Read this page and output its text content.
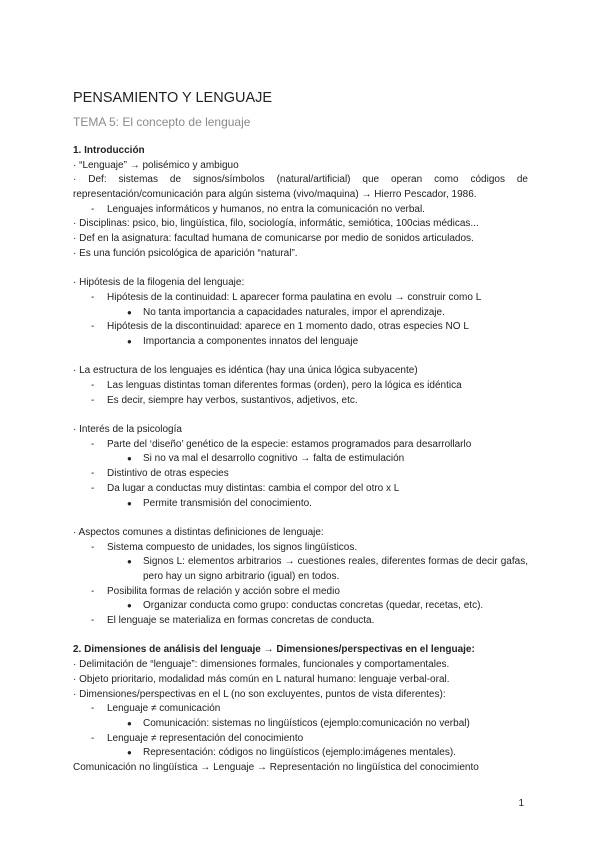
PENSAMIENTO Y LENGUAJE
TEMA 5: El concepto de lenguaje
1. Introducción
· “Lenguaje” → polisémico y ambiguo
· Def: sistemas de signos/símbolos (natural/artificial) que operan como códigos de representación/comunicación para algún sistema (vivo/maquina) → Hierro Pescador, 1986.
-	Lenguajes informáticos y humanos, no entra la comunicación no verbal.
· Disciplinas: psico, bio, lingüística, filo, sociología, informátic, semiótica, 100cias médicas...
· Def en la asignatura: facultad humana de comunicarse por medio de sonidos articulados.
· Es una función psicológica de aparición “natural”.
· Hipótesis de la filogenia del lenguaje:
-	Hipótesis de la continuidad: L aparecer forma paulatina en evolu → construir como L
●	No tanta importancia a capacidades naturales, impor el aprendizaje.
-	Hipótesis de la discontinuidad: aparece en 1 momento dado, otras especies NO L
●	Importancia a componentes innatos del lenguaje
· La estructura de los lenguajes es idéntica (hay una única lógica subyacente)
-	Las lenguas distintas toman diferentes formas (orden), pero la lógica es idéntica
-	Es decir, siempre hay verbos, sustantivos, adjetivos, etc.
· Interés de la psicología
-	Parte del ‘diseño’ genético de la especie: estamos programados para desarrollarlo
●	Si no va mal el desarrollo cognitivo → falta de estimulación
-	Distintivo de otras especies
-	Da lugar a conductas muy distintas: cambia el compor del otro x L
●	Permite transmisión del conocimiento.
· Aspectos comunes a distintas definiciones de lenguaje:
-	Sistema compuesto de unidades, los signos lingüísticos.
●	Signos L: elementos arbitrarios → cuestiones reales, diferentes formas de decir gafas, pero hay un signo arbitrario (igual) en todos.
-	Posibilita formas de relación y acción sobre el medio
●	Organizar conducta como grupo: conductas concretas (quedar, recetas, etc).
-	El lenguaje se materializa en formas concretas de conducta.
2. Dimensiones de análisis del lenguaje → Dimensiones/perspectivas en el lenguaje:
· Delimitación de “lenguaje”: dimensiones formales, funcionales y comportamentales.
· Objeto prioritario, modalidad más común en L natural humano: lenguaje verbal-oral.
· Dimensiones/perspectivas en el L (no son excluyentes, puntos de vista diferentes):
-	Lenguaje ≠ comunicación
●	Comunicación: sistemas no lingüísticos (ejemplo:comunicación no verbal)
-	Lenguaje ≠ representación del conocimiento
●	Representación: códigos no lingüísticos (ejemplo:imágenes mentales).
Comunicación no lingüística → Lenguaje → Representación no lingüística del conocimiento
1
